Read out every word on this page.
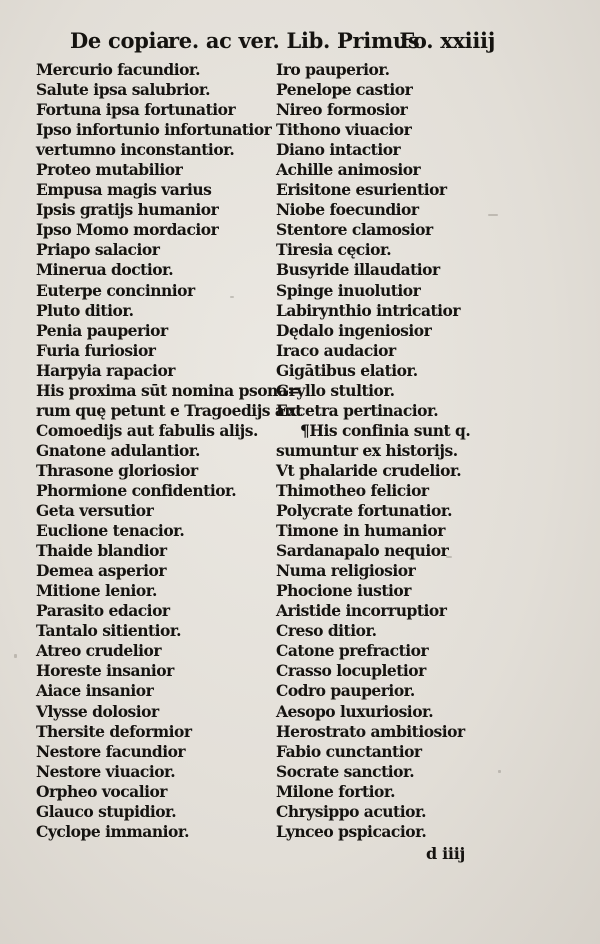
De copia
re. ac ver. Lib. Primus
Fo. xxiiij
Mercurio facundior.
Salute ipsa salubrior.
Fortuna ipsa fortunatior
Ipso infortunio infortunatior
vertumno inconstantior.
Proteo mutabilior
Empusa magis varius
Ipsis gratijs humanior
Ipso Momo mordacior
Priapo salacior
Minerua doctior.
Euterpe concinnior
Pluto ditior.
Penia pauperior
Furia furiosior
Harpyia rapacior
His proxima sūt nomina psona=
rum quę petunt e Tragoedijs aut
Comoedijs aut fabulis alijs.
Gnatone adulantior.
Thrasone gloriosior
Phormione confidentior.
Geta versutior
Euclione tenacior.
Thaide blandior
Demea asperior
Mitione lenior.
Parasito edacior
Tantalo sitientior.
Atreo crudelior
Horeste insanior
Aiace insanior
Vlysse dolosior
Thersite deformior
Nestore facundior
Nestore viuacior.
Orpheo vocalior
Glauco stupidior.
Cyclope immanior.
Iro pauperior.
Penelope castior
Nireo formosior
Tithono viuacior
Diano intactior
Achille animosior
Erisitone esurientior
Niobe foecundior
Stentore clamosior
Tiresia cęcior.
Busyride illaudatior
Spinge inuolutior
Labirynthio intricatior
Dędalo ingeniosior
Iraco audacior
Gigātibus elatior.
Gryllo stultior.
Excetra pertinacior.
¶His confinia sunt q.
sumuntur ex historijs.
Vt phalaride crudelior.
Thimotheo felicior
Polycrate fortunatior.
Timone in humanior
Sardanapalo nequior
Numa religiosior
Phocione iustior
Aristide incorruptior
Creso ditior.
Catone prefractior
Crasso locupletior
Codro pauperior.
Aesopo luxuriosior.
Herostrato ambitiosior
Fabio cunctantior
Socrate sanctior.
Milone fortior.
Chrysippo acutior.
Lynceo pspicacior.
d iiij
